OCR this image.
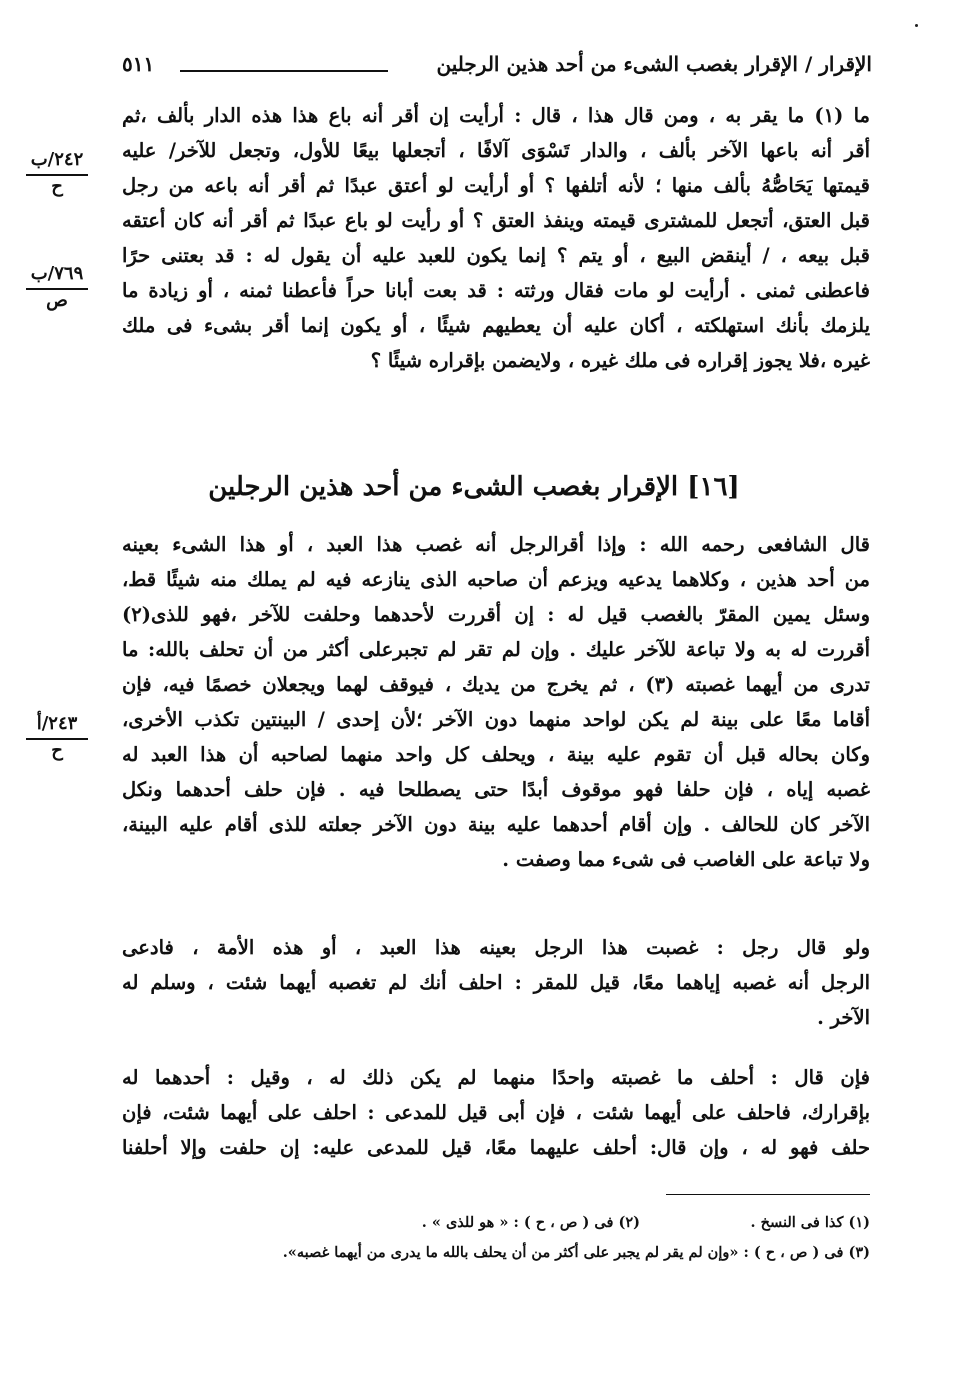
الإقرار / الإقرار بغصب الشىء من أحد هذين الرجلين
٥١١
٢٤٢/ب
ح
٧٦٩/ب
ص
٢٤٣/أ
ح
ما (١) ما يقر به ، ومن قال هذا ، قال : أرأيت إن أقر أنه باع هذا هذه الدار بألف ،ثم
أقر أنه باعها الآخر بألف ، والدار تَسْوَى آلافًا ، أتجعلها بيعًا للأول، وتجعل للآخر/ عليه
قيمتها يَحَاصُّهُ بألف منها ؛ لأنه أتلفها ؟ أو أرأيت لو أعتق عبدًا ثم أقر أنه باعه من رجل
قبل العتق، أتجعل للمشترى قيمته وينفذ العتق ؟ أو رأيت لو باع عبدًا ثم أقر أنه كان أعتقه
قبل بيعه ، / أينقض البيع ، أو يتم ؟ إنما يكون للعبد عليه أن يقول له : قد بعتنى حرًا
فاعطنى ثمنى . أرأيت لو مات فقال ورثته : قد بعت أبانا حراً فأعطنا ثمنه ، أو زيادة ما
يلزمك بأنك استهلكته ، أكان عليه أن يعطيهم شيئًا ، أو يكون إنما أقر بشىء فى ملك
غيره ،فلا يجوز إقراره فى ملك غيره ، ولايضمن بإقراره شيئًا ؟
[١٦] الإقرار بغصب الشىء من أحد هذين الرجلين
قال الشافعى رحمه الله : وإذا أقرالرجل أنه غصب هذا العبد ، أو هذا الشىء بعينه
من أحد هذين ، وكلاهما يدعيه ويزعم أن صاحبه الذى ينازعه فيه لم يملك منه شيئًا قط،
وسئل يمين المقرّ بالغصب قيل له : إن أقررت لأحدهما وحلفت للآخر ،فهو للذى(٢)
أقررت له به ولا تباعة للآخر عليك . وإن لم تقر لم تجبرعلى أكثر من أن تحلف بالله: ما
تدرى من أيهما غصبته (٣) ، ثم يخرج من يديك ، فيوقف لهما ويجعلان خصمًا فيه، فإن
أقاما معًا على بينة لم يكن لواحد منهما دون الآخر ؛لأن إحدى / البينتين تكذب الأخرى،
وكان بحاله قبل أن تقوم عليه بينة ، ويحلف كل واحد منهما لصاحبه أن هذا العبد له
غصبه إياه ، فإن حلفا فهو موقوف أبدًا حتى يصطلحا فيه . فإن حلف أحدهما ونكل
الآخر كان للحالف . وإن أقام أحدهما عليه بينة دون الآخر جعلته للذى أقام عليه البينة،
ولا تباعة على الغاصب فى شىء مما وصفت .
ولو قال رجل : غصبت هذا الرجل بعينه هذا العبد ، أو هذه الأمة ، فادعى
الرجل أنه غصبه إياهما معًا، قيل للمقر : احلف أنك لم تغصبه أيهما شئت ، وسلم له
الآخر .
فإن قال : أحلف ما غصبته واحدًا منهما لم يكن ذلك له ، وقيل : أحدهما له
بإقرارك، فاحلف على أيهما شئت ، فإن أبى قيل للمدعى : احلف على أيهما شئت، فإن
حلف فهو له ، وإن قال: أحلف عليهما معًا، قيل للمدعى عليه: إن حلفت وإلا أحلفنا
(١) كذا فى النسخ .
(٢) فى ( ص ، ح ) : « هو للذى » .
(٣) فى ( ص ، ح ) : «وإن لم يقر لم يجبر على أكثر من أن يحلف بالله ما يدرى من أيهما غصبه».
